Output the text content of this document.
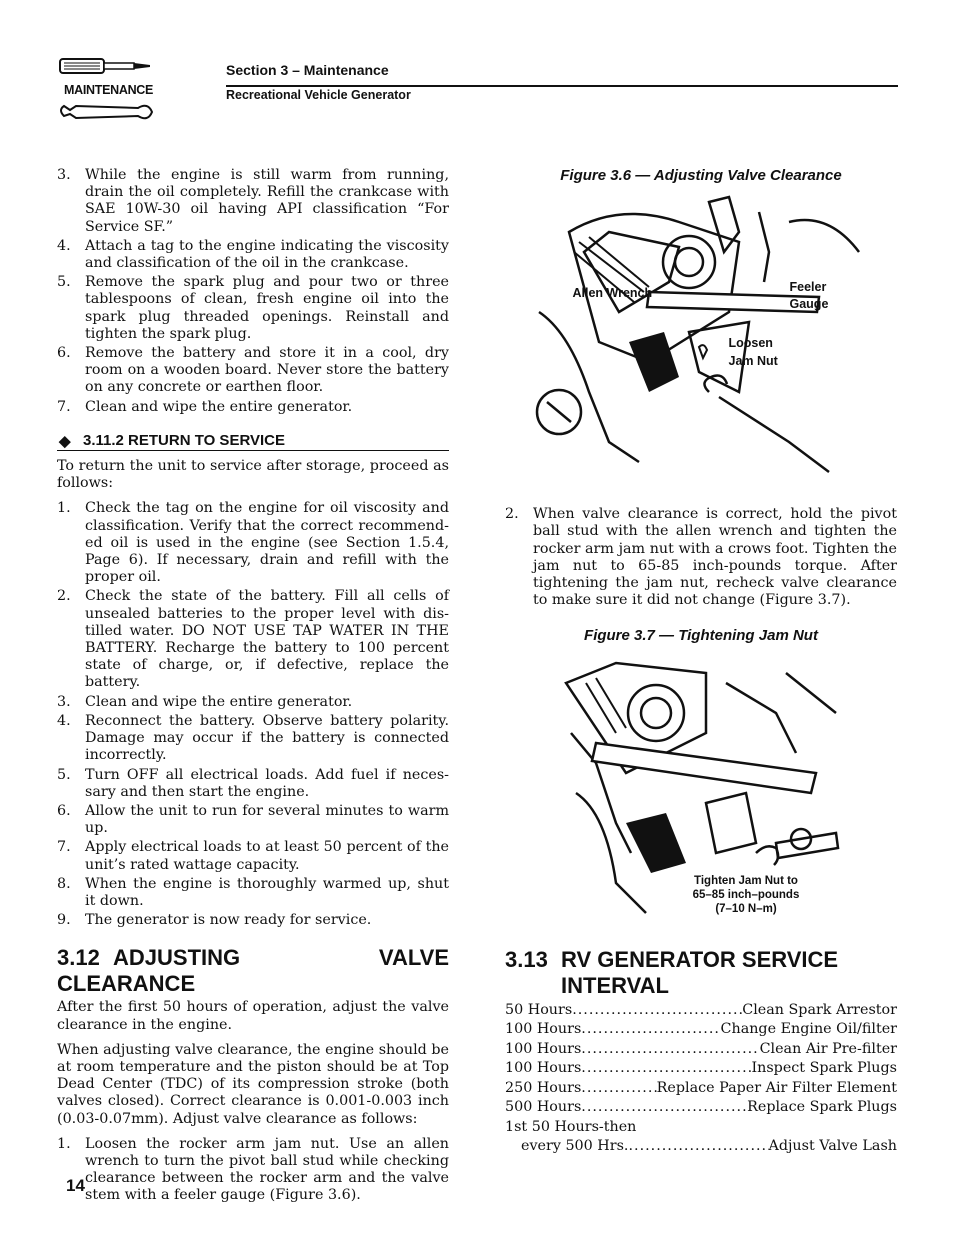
MAINTENANCE
Section 3 – Maintenance
Recreational Vehicle Generator
3. While the engine is still warm from running, drain the oil completely. Refill the crankcase with SAE 10W-30 oil having API classification “For Service SF.”
4. Attach a tag to the engine indicating the viscosity and classification of the oil in the crankcase.
5. Remove the spark plug and pour two or three tablespoons of clean, fresh engine oil into the spark plug threaded openings. Reinstall and tighten the spark plug.
6. Remove the battery and store it in a cool, dry room on a wooden board. Never store the battery on any concrete or earthen floor.
7. Clean and wipe the entire generator.
◆ 3.11.2 RETURN TO SERVICE

To return the unit to service after storage, proceed as follows:

1. Check the tag on the engine for oil viscosity and classification. Verify that the correct recommend-ed oil is used in the engine (see Section 1.5.4, Page 6). If necessary, drain and refill with the proper oil.
2. Check the state of the battery. Fill all cells of unsealed batteries to the proper level with dis-tilled water. DO NOT USE TAP WATER IN THE BATTERY. Recharge the battery to 100 percent state of charge, or, if defective, replace the battery.
3. Clean and wipe the entire generator.
4. Reconnect the battery. Observe battery polarity. Damage may occur if the battery is connected incorrectly.
5. Turn OFF all electrical loads. Add fuel if neces-sary and then start the engine.
6. Allow the unit to run for several minutes to warm up.
7. Apply electrical loads to at least 50 percent of the unit’s rated wattage capacity.
8. When the engine is thoroughly warmed up, shut it down.
9. The generator is now ready for service.
3.12 ADJUSTING VALVE CLEARANCE

After the first 50 hours of operation, adjust the valve clearance in the engine.

When adjusting valve clearance, the engine should be at room temperature and the piston should be at Top Dead Center (TDC) of its compression stroke (both valves closed). Correct clearance is 0.001-0.003 inch (0.03-0.07mm). Adjust valve clearance as follows:

1. Loosen the rocker arm jam nut. Use an allen wrench to turn the pivot ball stud while checking clearance between the rocker arm and the valve stem with a feeler gauge (Figure 3.6).

Figure 3.6 — Adjusting Valve Clearance

Allen Wrench	Feeler
Gauge
Loosen
Jam Nut
2. When valve clearance is correct, hold the pivot ball stud with the allen wrench and tighten the rocker arm jam nut with a crows foot. Tighten the jam nut to 65-85 inch-pounds torque. After tightening the jam nut, recheck valve clearance to make sure it did not change (Figure 3.7).

Figure 3.7 — Tightening Jam Nut

Tighten Jam Nut to
65–85 inch–pounds
(7–10 N–m)
3.13 RV GENERATOR SERVICE
INTERVAL
50 Hours .....	Clean Spark Arrestor
100 Hours .....	Change Engine Oil/filter
100 Hours .....	Clean Air Pre-filter
100 Hours .....	Inspect Spark Plugs
250 Hours .....	Replace Paper Air Filter Element
500 Hours .....	Replace Spark Plugs
1st 50 Hours-then
every 500 Hrs. .....	Adjust Valve Lash
14
